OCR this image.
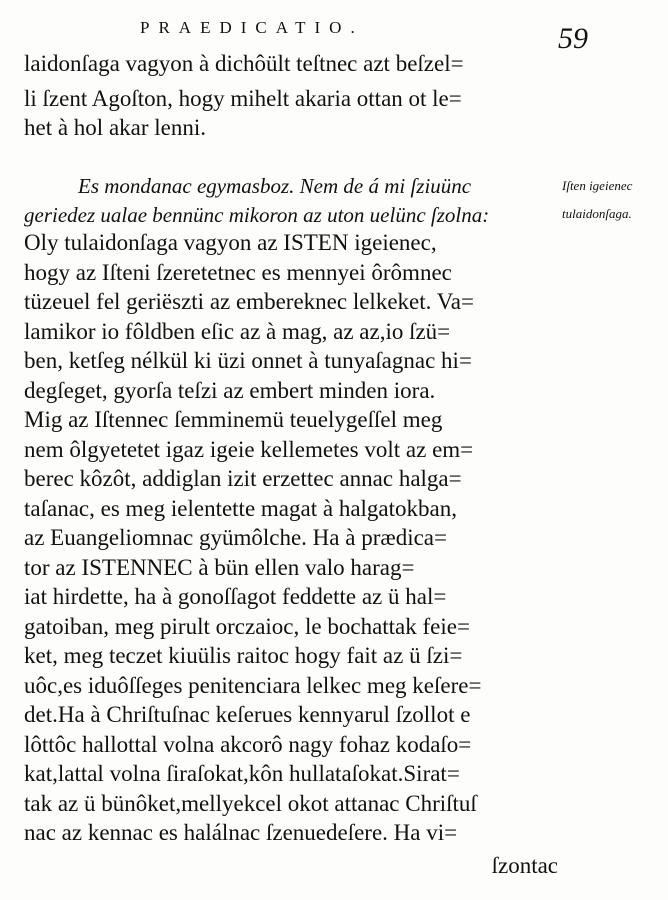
PRAEDICATIO.	59
laidonſaga vagyon à dichôült teſtnec azt beſzel=
li ſzent Agoſton, hogy mihelt akaria ottan ot le=
het à hol akar lenni.
Es mondanac egymasboz. Nem de á mi ſziuünc
geriedez ualae bennünc mikoron az uton uelünc ſzolna:
Iſten igeienec
tulaidonſaga.
Oly tulaidonſaga vagyon az ISTEN igeienec,
hogy az Iſteni ſzeretetnec es mennyei ôrômnec
tüzeuel fel geriëszti az embereknec lelkeket. Va=
lamikor io fôldben eſic az à mag, az az,io ſzü=
ben, ketſeg nélkül ki üzi onnet à tunyaſagnac hi=
degſeget, gyorſa teſzi az embert minden iora.
Mig az Iſtennec ſemminemü teuelygeſſel meg
nem ôlgyetetet igaz igeie kellemetes volt az em=
berec kôzôt, addiglan izit erzettec annac halga=
taſanac, es meg ielentette magat à halgatokban,
az Euangeliomnac gyümôlche. Ha à prædica=
tor az ISTENNEC à bün ellen valo harag=
iat hirdette, ha à gonoſſagot feddette az ü hal=
gatoiban, meg pirult orczaioc, le bochattak feie=
ket, meg teczet kiuülis raitoc hogy fait az ü ſzi=
uôc,es iduôſſeges penitenciara lelkec meg keſere=
det.Ha à Chriſtuſnac keſerues kennyarul ſzollot e
lôttôc hallottal volna akcorô nagy fohaz kodaſo=
kat,lattal volna ſiraſokat,kôn hullataſokat.Sirat=
tak az ü bünôket,mellyekcel okot attanac Chriſtuſ
nac az kennac es halálnac ſzenuedeſere. Ha vi=
ſzontac
